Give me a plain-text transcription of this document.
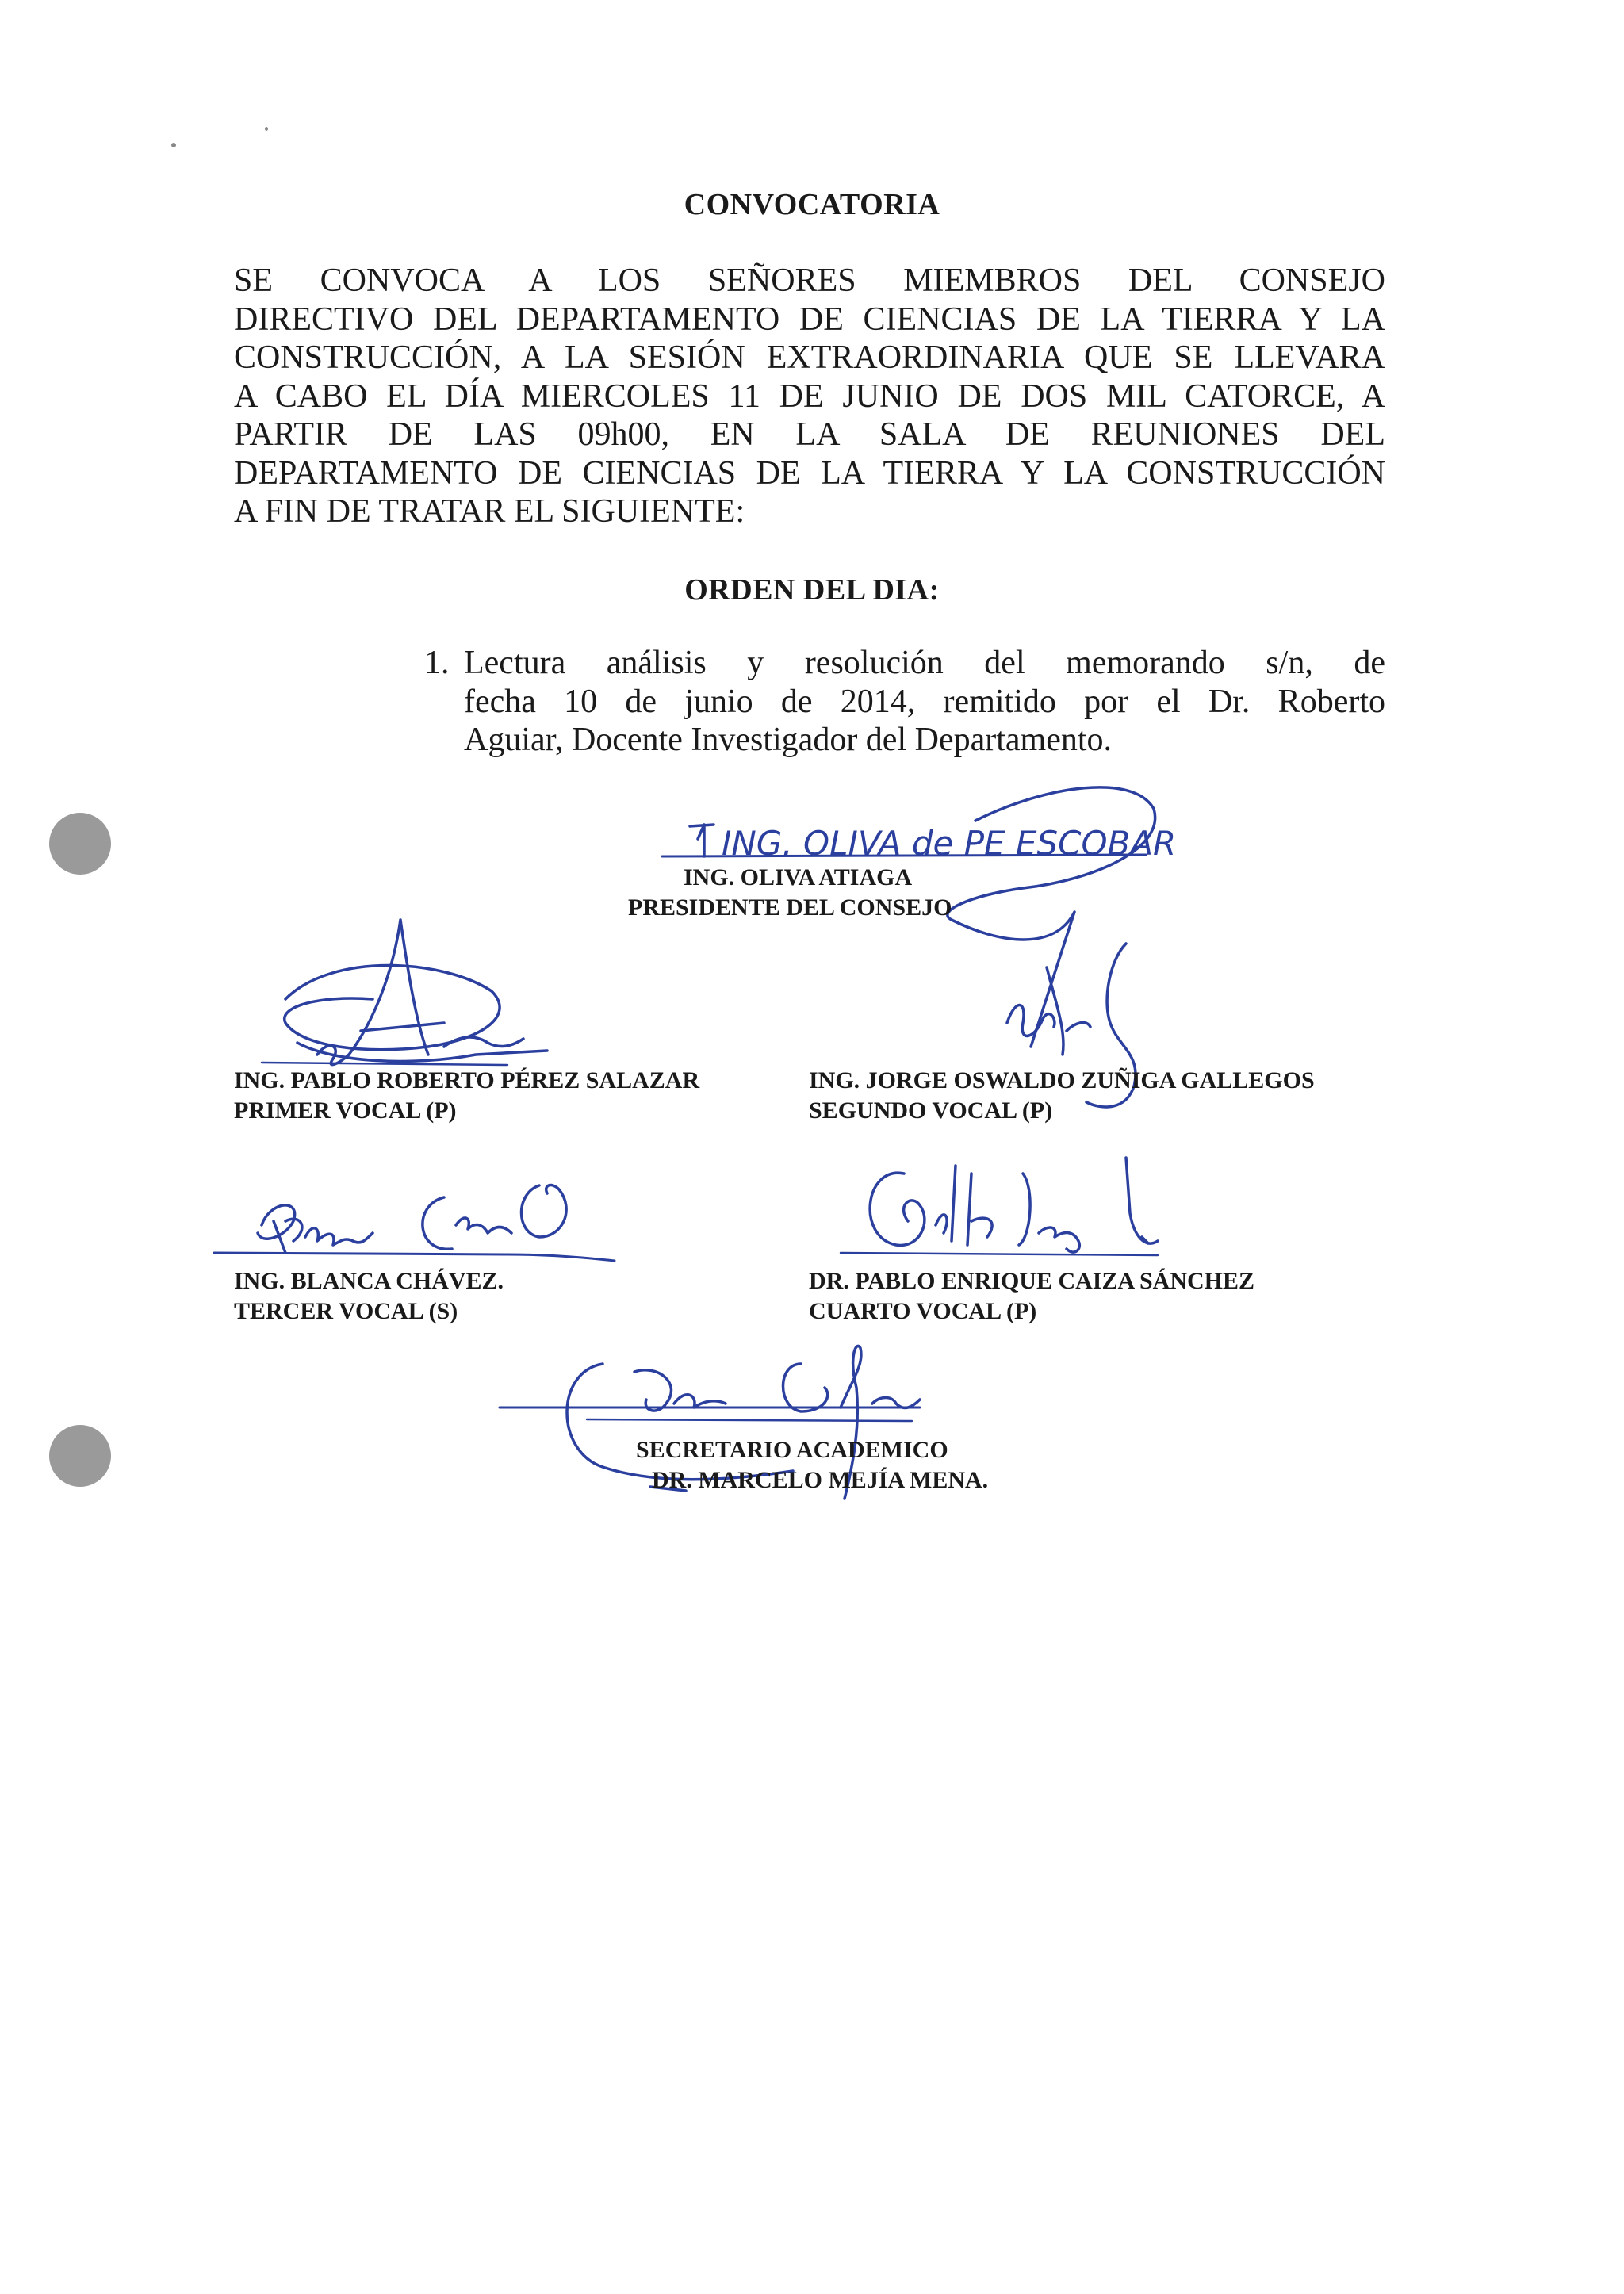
CONVOCATORIA
SE CONVOCA A LOS SEÑORES MIEMBROS DEL CONSEJO
DIRECTIVO DEL DEPARTAMENTO DE CIENCIAS DE LA TIERRA Y LA
CONSTRUCCIÓN, A LA SESIÓN EXTRAORDINARIA QUE SE LLEVARA
A CABO EL DÍA MIERCOLES 11 DE JUNIO DE DOS MIL CATORCE, A
PARTIR DE LAS 09h00, EN LA SALA DE REUNIONES DEL
DEPARTAMENTO DE CIENCIAS DE LA TIERRA Y LA CONSTRUCCIÓN
A FIN DE TRATAR EL SIGUIENTE:
ORDEN DEL DIA:
1. Lectura análisis y resolución del memorando s/n, de
fecha 10 de junio de 2014, remitido por el Dr. Roberto
Aguiar, Docente Investigador del Departamento.
ING. OLIVA de PE ESCOBAR
ING. OLIVA ATIAGA
PRESIDENTE DEL CONSEJO
ING. PABLO ROBERTO PÉREZ SALAZAR
PRIMER VOCAL (P)
ING. JORGE OSWALDO ZUÑIGA GALLEGOS
SEGUNDO VOCAL (P)
ING. BLANCA CHÁVEZ.
TERCER VOCAL (S)
DR. PABLO ENRIQUE CAIZA SÁNCHEZ
CUARTO VOCAL (P)
SECRETARIO ACADEMICO
DR. MARCELO MEJÍA MENA.
